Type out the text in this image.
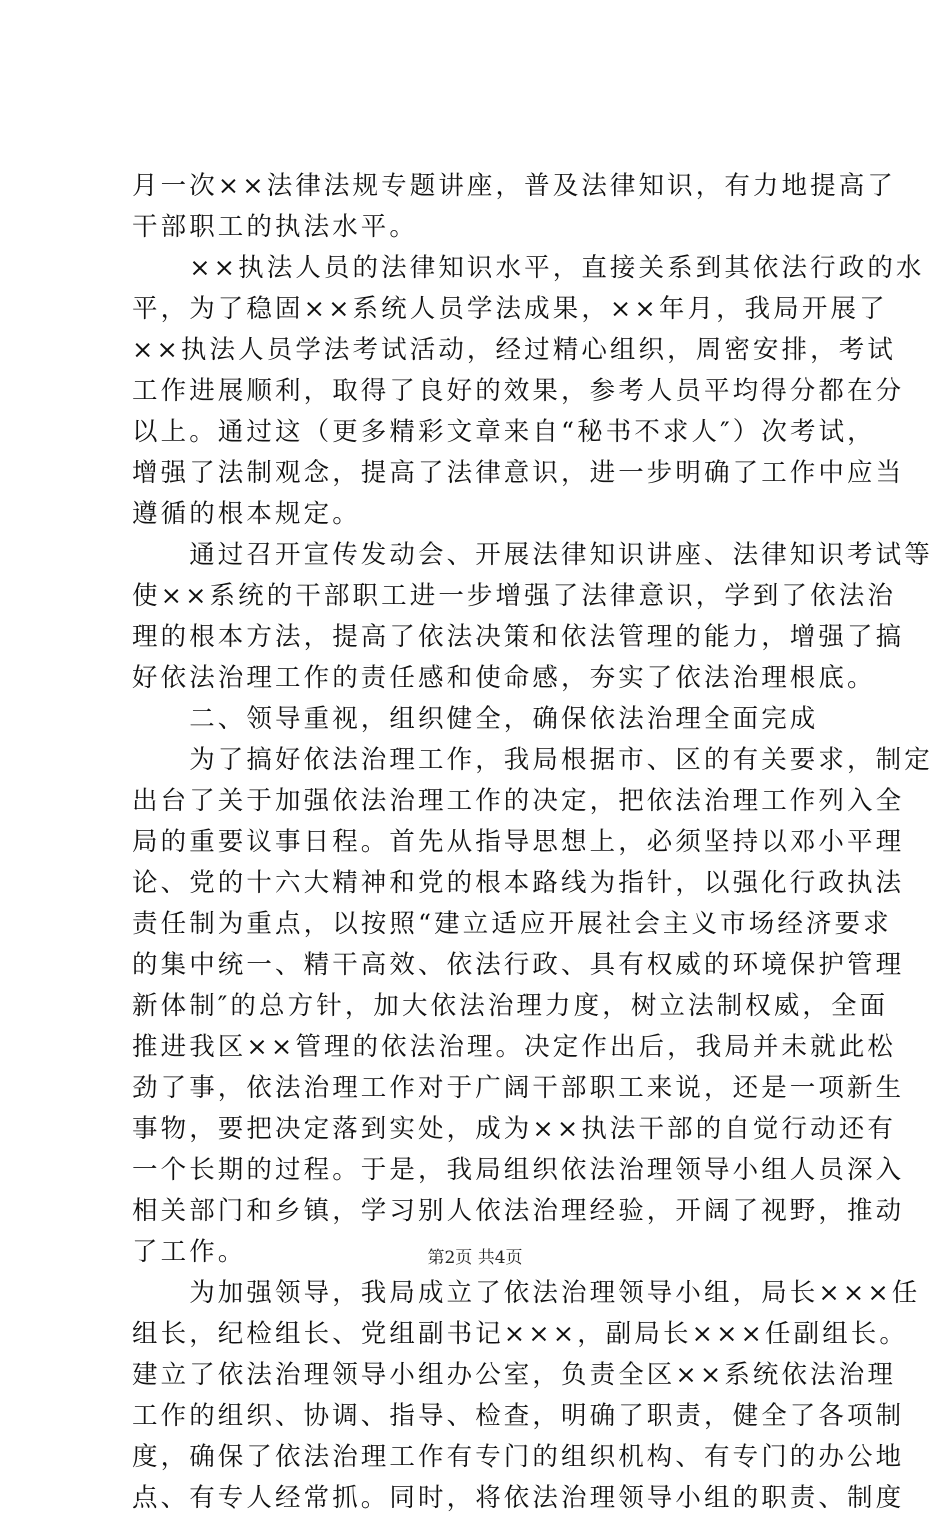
月一次××法律法规专题讲座，普及法律知识，有力地提高了
干部职工的执法水平。
　　××执法人员的法律知识水平，直接关系到其依法行政的水
平，为了稳固××系统人员学法成果，××年月，我局开展了
××执法人员学法考试活动，经过精心组织，周密安排，考试
工作进展顺利，取得了良好的效果，参考人员平均得分都在分
以上。通过这（更多精彩文章来自“秘书不求人″）次考试，
增强了法制观念，提高了法律意识，进一步明确了工作中应当
遵循的根本规定。
　　通过召开宣传发动会、开展法律知识讲座、法律知识考试等
使××系统的干部职工进一步增强了法律意识，学到了依法治
理的根本方法，提高了依法决策和依法管理的能力，增强了搞
好依法治理工作的责任感和使命感，夯实了依法治理根底。
　　二、领导重视，组织健全，确保依法治理全面完成
　　为了搞好依法治理工作，我局根据市、区的有关要求，制定
出台了关于加强依法治理工作的决定，把依法治理工作列入全
局的重要议事日程。首先从指导思想上，必须坚持以邓小平理
论、党的十六大精神和党的根本路线为指针，以强化行政执法
责任制为重点，以按照“建立适应开展社会主义市场经济要求
的集中统一、精干高效、依法行政、具有权威的环境保护管理
新体制″的总方针，加大依法治理力度，树立法制权威，全面
推进我区××管理的依法治理。决定作出后，我局并未就此松
劲了事，依法治理工作对于广阔干部职工来说，还是一项新生
事物，要把决定落到实处，成为××执法干部的自觉行动还有
一个长期的过程。于是，我局组织依法治理领导小组人员深入
相关部门和乡镇，学习别人依法治理经验，开阔了视野，推动
了工作。
　　为加强领导，我局成立了依法治理领导小组，局长×××任
组长，纪检组长、党组副书记×××，副局长×××任副组长。
建立了依法治理领导小组办公室，负责全区××系统依法治理
工作的组织、协调、指导、检查，明确了职责，健全了各项制
度，确保了依法治理工作有专门的组织机构、有专门的办公地
点、有专人经常抓。同时，将依法治理领导小组的职责、制度
第2页 共4页
